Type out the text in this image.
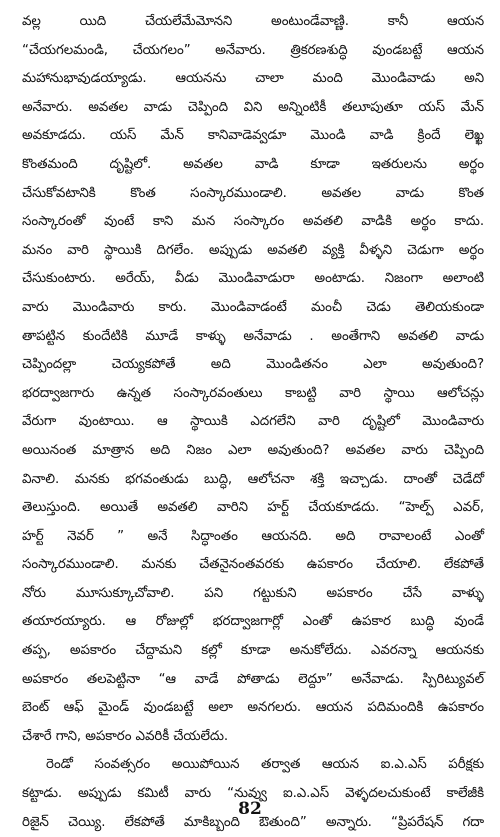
వల్ల యిది చేయలేమేమోనని అంటుండేవాణ్ణి. కానీ ఆయన
“చేయగలమండి, చేయగలం” అనేవారు. త్రికరణశుద్ధి వుండబట్టే ఆయన
మహానుభావుడయ్యాడు. ఆయనను చాలా మంది మొండివాడు అని
అనేవారు. అవతల వాడు చెప్పింది విని అన్నింటికీ తలూపుతూ యస్ మేన్
అవకూడదు. యస్ మేన్ కానివాడెవ్వడూ మొండి వాడి క్రిందే లెఖ్ఖ
కొంతమంది దృష్టిలో. అవతల వాడి కూడా ఇతరులను అర్థం
చేసుకోవటానికి కొంత సంస్కారముండాలి. అవతల వాడు కొంత
సంస్కారంతో వుంటే కాని మన సంస్కారం అవతలి వాడికి అర్థం కాదు.
మనం వారి స్థాయికి దిగలేం. అప్పుడు అవతలి వ్యక్తి వీళ్ళని చెడుగా అర్థం
చేసుకుంటారు. అరేయ్, వీడు మొండివాడురా అంటాడు. నిజంగా అలాంటి
వారు మొండివారు కారు. మొండివాడంటే మంచీ చెడు తెలియకుండా
తాపట్టిన కుందేటికి మూడే కాళ్ళు అనేవాడు . అంతేగాని అవతలి వాడు
చెప్పిందల్లా చెయ్యకపోతే అది మొండితనం ఎలా అవుతుంది?
భరద్వాజగారు ఉన్నత సంస్కారవంతులు కాబట్టి వారి స్థాయి ఆలోచన్లు
వేరుగా వుంటాయి. ఆ స్థాయికి ఎదగలేని వారి దృష్టిలో మొండివారు
అయినంత మాత్రాన అది నిజం ఎలా అవుతుంది? అవతల వారు చెప్పింది
వినాలి. మనకు భగవంతుడు బుద్ధి, ఆలోచనా శక్తి ఇచ్చాడు. దాంతో చెడేదో
తెలుస్తుంది. అయితే అవతలి వారిని హర్ట్ చేయకూడదు. “హెల్ప్ ఎవర్,
హర్ట్ నెవర్ ” అనే సిద్ధాంతం ఆయనది. అది రావాలంటే ఎంతో
సంస్కారముండాలి. మనకు చేతనైనంతవరకు ఉపకారం చేయాలి. లేకపోతే
నోరు మూసుక్కూచోవాలి. పని గట్టుకుని అపకారం చేసే వాళ్ళు
తయారయ్యారు. ఆ రోజుల్లో భరద్వాజగార్లో ఎంతో ఉపకార బుద్ధి వుండే
తప్ప, అపకారం చేద్దామని కల్లో కూడా అనుకోలేదు. ఎవరన్నా ఆయనకు
అపకారం తలపెట్టినా “ఆ వాడే పోతాడు లెద్దూ” అనేవాడు. స్పిరిట్యువల్
బెంట్ ఆఫ్ మైండ్ వుండబట్టే అలా అనగలరు. ఆయన పదిమందికి ఉపకారం
చేశారే గాని, అపకారం ఎవరికీ చేయలేదు.

రెండో సంవత్సరం అయిపోయిన తర్వాత ఆయన ఐ.ఎ.ఎస్ పరీక్షకు
కట్టాడు. అప్పుడు కమిటీ వారు “నువ్వు ఐ.ఎ.ఎస్ వెళ్ళదలచుకుంటే కాలేజీకి
రిజైన్ చెయ్యి. లేకపోతే మాకిబ్బంది ఔతుంది” అన్నారు. “ప్రిపరేషన్ గదా

82
